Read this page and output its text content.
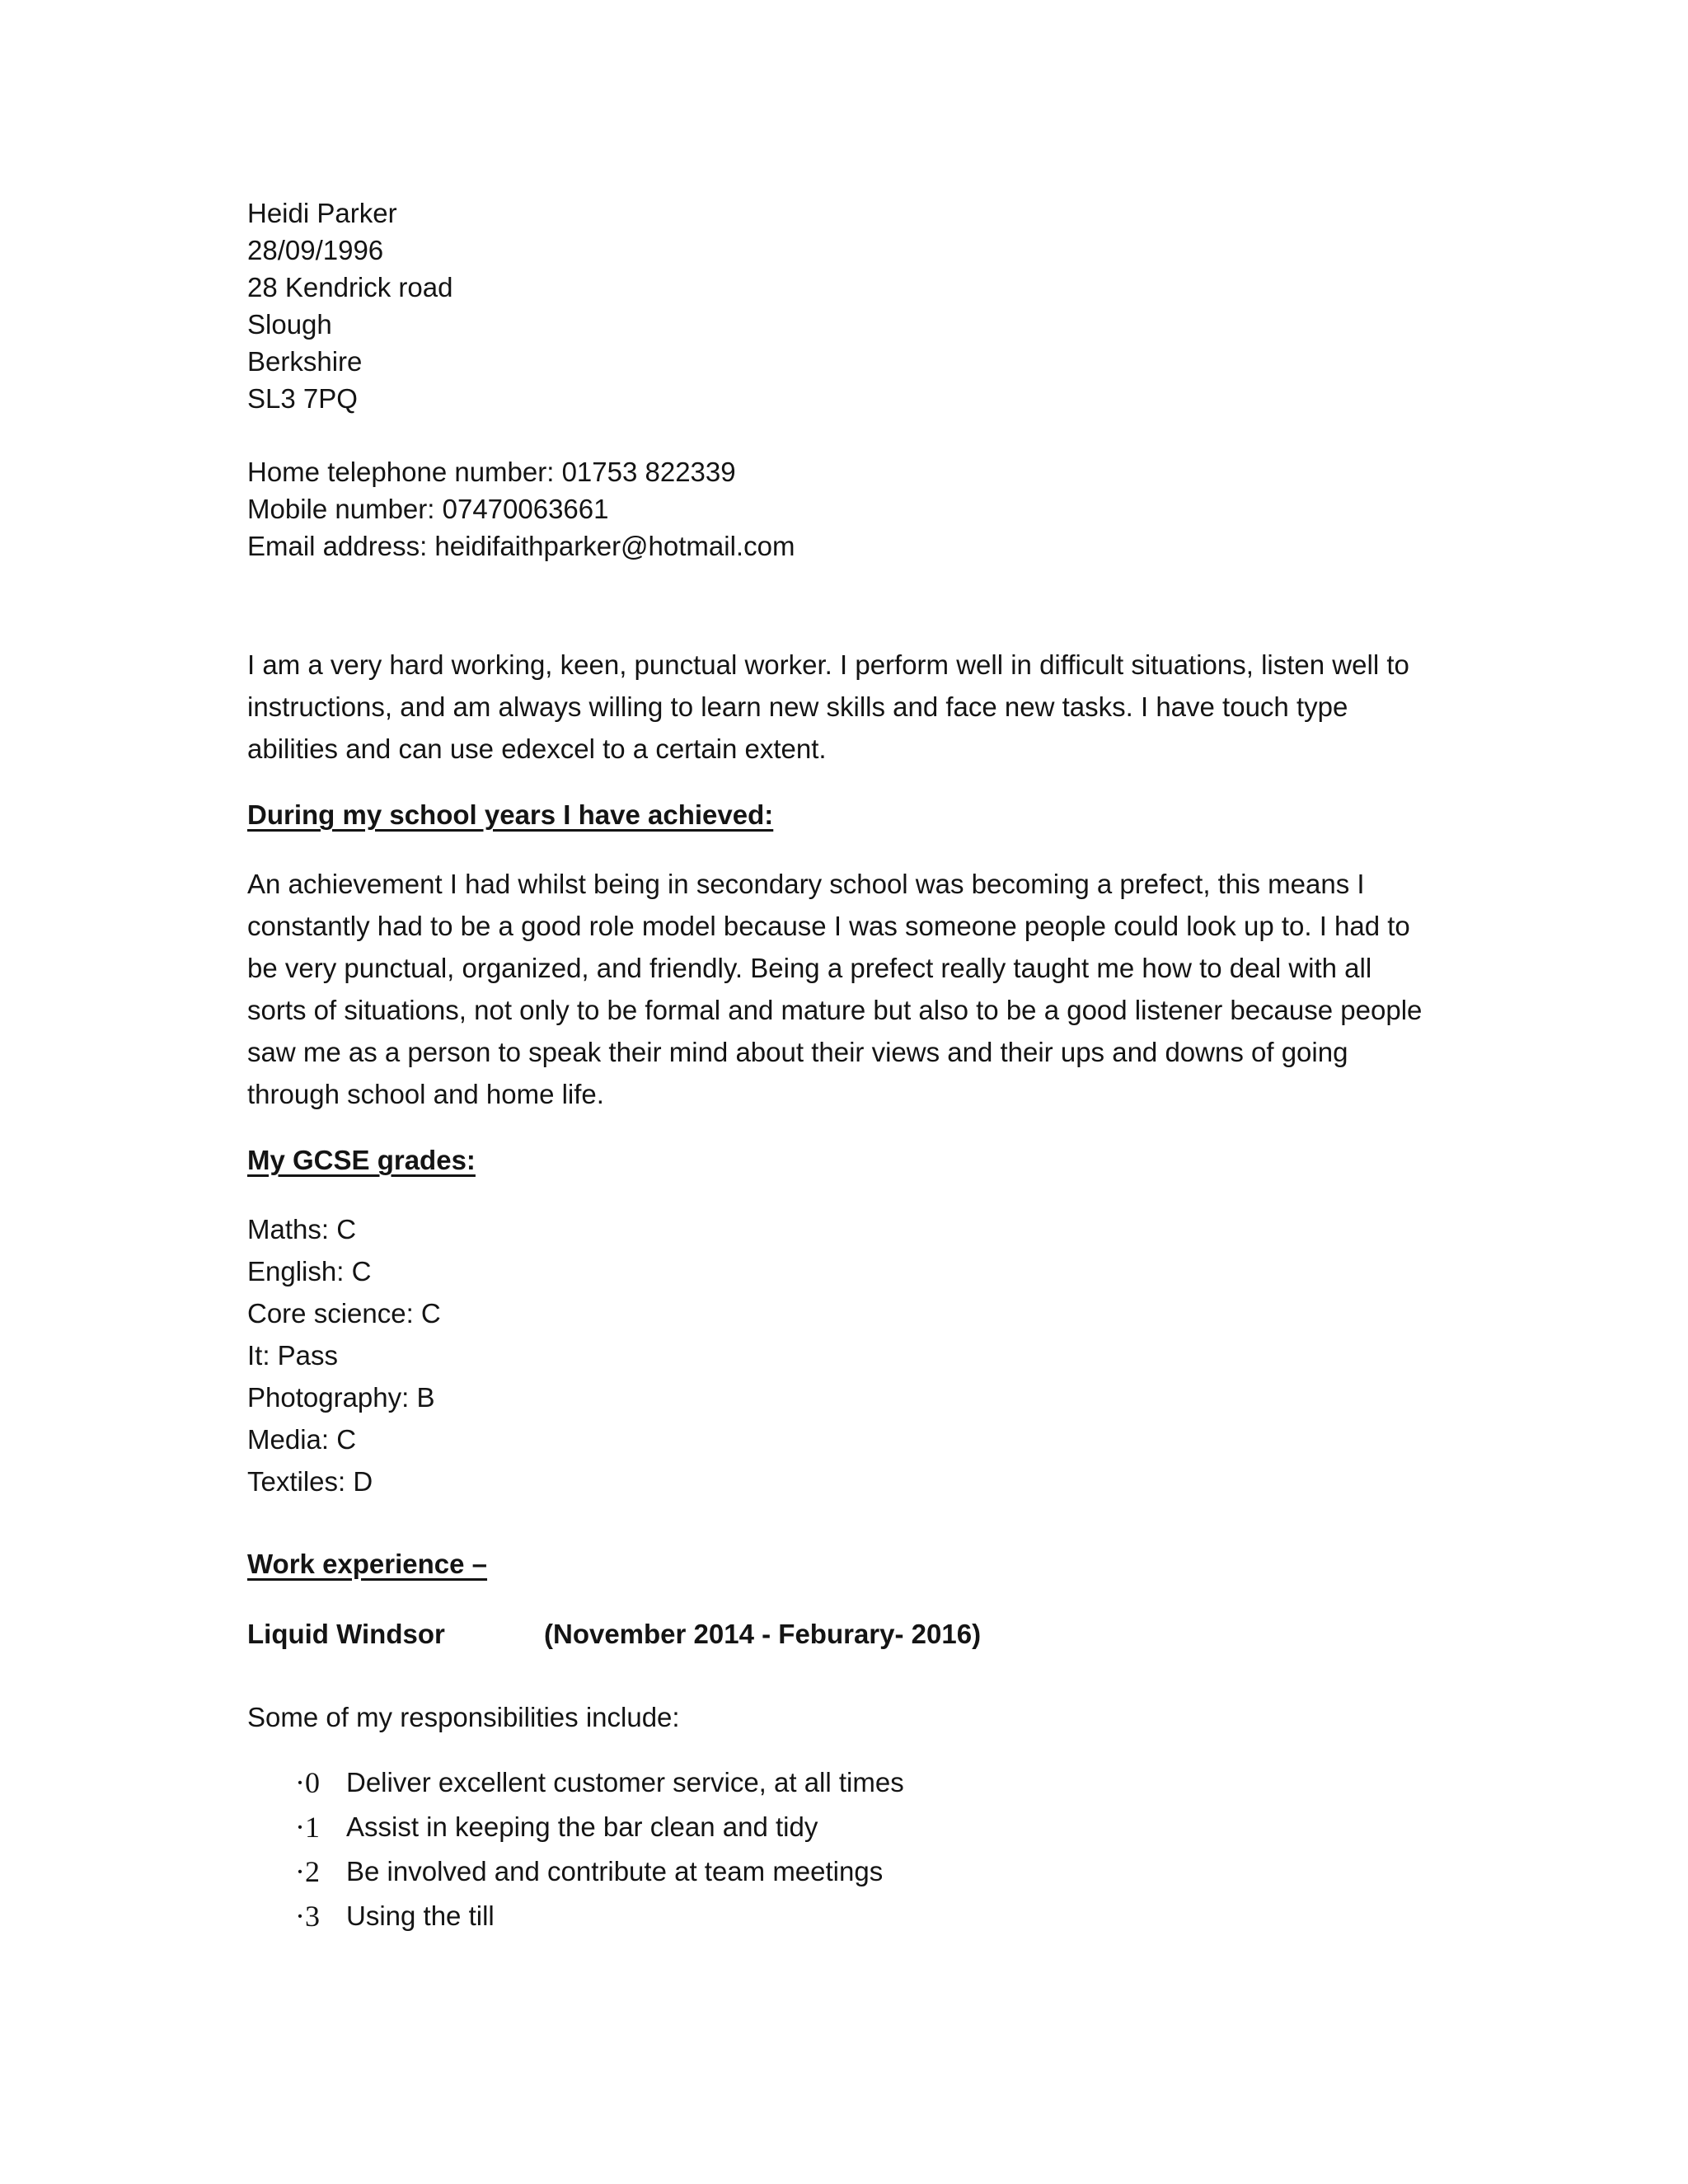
Heidi Parker
28/09/1996
28 Kendrick road
Slough
Berkshire
SL3 7PQ
Home telephone number: 01753 822339
Mobile number: 07470063661
Email address: heidifaithparker@hotmail.com

I am a very hard working, keen, punctual worker. I perform well in difficult situations, listen well to instructions, and am always willing to learn new skills and face new tasks. I have touch type abilities and can use edexcel to a certain extent.

During my school years I have achieved:

An achievement I had whilst being in secondary school was becoming a prefect, this means I constantly had to be a good role model because I was someone people could look up to. I had to be very punctual, organized, and friendly. Being a prefect really taught me how to deal with all sorts of situations, not only to be formal and mature but also to be a good listener because people saw me as a person to speak their mind about their views and their ups and downs of going through school and home life.

My GCSE grades:
Maths: C
English: C
Core science: C
It: Pass
Photography: B
Media: C
Textiles: D
Work experience –
Liquid Windsor	(November 2014 - Feburary- 2016)
Some of my responsibilities include:
·0 Deliver excellent customer service, at all times
·1 Assist in keeping the bar clean and tidy
·2 Be involved and contribute at team meetings
·3 Using the till
